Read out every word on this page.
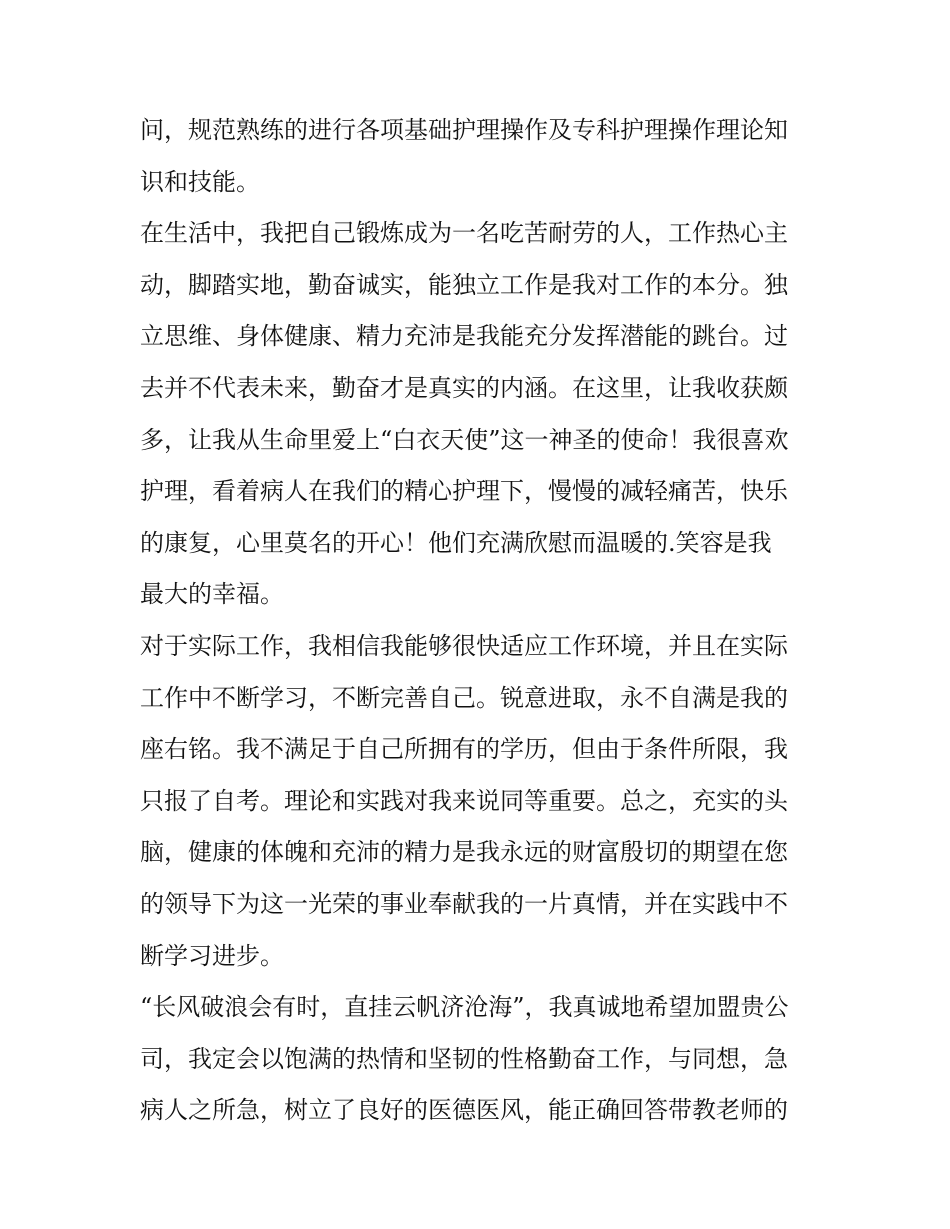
问，规范熟练的进行各项基础护理操作及专科护理操作理论知
识和技能。
在生活中，我把自己锻炼成为一名吃苦耐劳的人，工作热心主
动，脚踏实地，勤奋诚实，能独立工作是我对工作的本分。独
立思维、身体健康、精力充沛是我能充分发挥潜能的跳台。过
去并不代表未来，勤奋才是真实的内涵。在这里，让我收获颇
多，让我从生命里爱上“白衣天使”这一神圣的使命！我很喜欢
护理，看着病人在我们的精心护理下，慢慢的减轻痛苦，快乐
的康复，心里莫名的开心！他们充满欣慰而温暖的.笑容是我
最大的幸福。
对于实际工作，我相信我能够很快适应工作环境，并且在实际
工作中不断学习，不断完善自己。锐意进取，永不自满是我的
座右铭。我不满足于自己所拥有的学历，但由于条件所限，我
只报了自考。理论和实践对我来说同等重要。总之，充实的头
脑，健康的体魄和充沛的精力是我永远的财富殷切的期望在您
的领导下为这一光荣的事业奉献我的一片真情，并在实践中不
断学习进步。
“长风破浪会有时，直挂云帆济沧海”，我真诚地希望加盟贵公
司，我定会以饱满的热情和坚韧的性格勤奋工作，与同想，急
病人之所急，树立了良好的医德医风，能正确回答带教老师的
